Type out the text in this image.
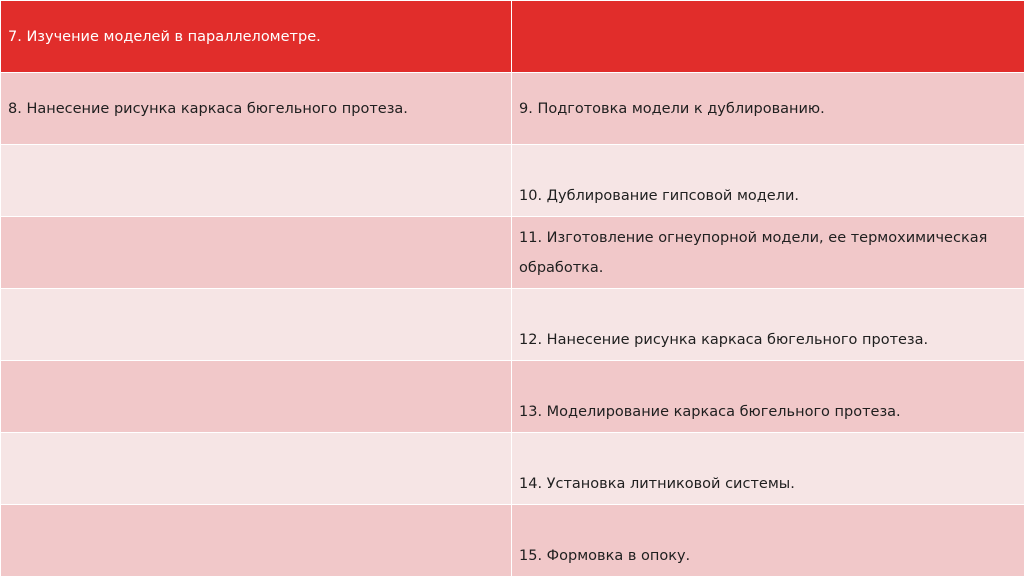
7. Изучение моделей в параллелометре.	
8. Нанесение рисунка каркаса бюгельного протеза.	9. Подготовка модели к дублированию.
	10. Дублирование гипсовой модели.
	11. Изготовление огнеупорной модели, ее термохимическая обработка.
	12. Нанесение рисунка каркаса бюгельного протеза.
	13. Моделирование каркаса бюгельного протеза.
	14. Установка литниковой системы.
	15. Формовка в опоку.
